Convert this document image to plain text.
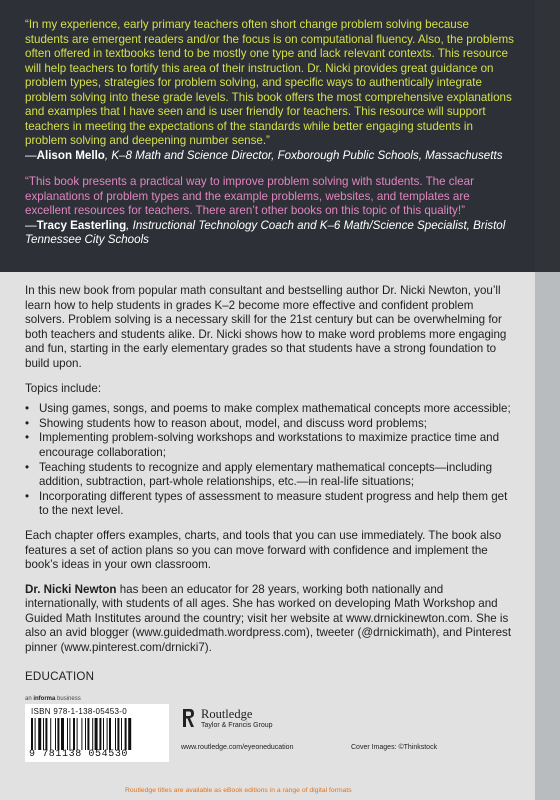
“In my experience, early primary teachers often short change problem solving because students are emergent readers and/or the focus is on computational fluency. Also, the problems often offered in textbooks tend to be mostly one type and lack relevant contexts. This resource will help teachers to fortify this area of their instruction. Dr. Nicki provides great guidance on problem types, strategies for problem solving, and specific ways to authentically integrate problem solving into these grade levels. This book offers the most comprehensive explanations and examples that I have seen and is user friendly for teachers. This resource will support teachers in meeting the expectations of the standards while better engaging students in problem solving and deepening number sense.”

—Alison Mello, K–8 Math and Science Director, Foxborough Public Schools, Massachusetts

“This book presents a practical way to improve problem solving with students. The clear explanations of problem types and the example problems, websites, and templates are excellent resources for teachers. There aren’t other books on this topic of this quality!”

—Tracy Easterling, Instructional Technology Coach and K–6 Math/Science Specialist, Bristol Tennessee City Schools

In this new book from popular math consultant and bestselling author Dr. Nicki Newton, you’ll learn how to help students in grades K–2 become more effective and confident problem solvers. Problem solving is a necessary skill for the 21st century but can be overwhelming for both teachers and students alike. Dr. Nicki shows how to make word problems more engaging and fun, starting in the early elementary grades so that students have a strong foundation to build upon.

Topics include:

• Using games, songs, and poems to make complex mathematical concepts more accessible;
• Showing students how to reason about, model, and discuss word problems;
• Implementing problem-solving workshops and workstations to maximize practice time and encourage collaboration;
• Teaching students to recognize and apply elementary mathematical concepts—including addition, subtraction, part-whole relationships, etc.—in real-life situations;
• Incorporating different types of assessment to measure student progress and help them get to the next level.

Each chapter offers examples, charts, and tools that you can use immediately. The book also features a set of action plans so you can move forward with confidence and implement the book’s ideas in your own classroom.

Dr. Nicki Newton has been an educator for 28 years, working both nationally and internationally, with students of all ages. She has worked on developing Math Workshop and Guided Math Institutes around the country; visit her website at www.drnickinewton.com. She is also an avid blogger (www.guidedmath.wordpress.com), tweeter (@drnickimath), and Pinterest pinner (www.pinterest.com/drnicki7).

EDUCATION

an informa business
ISBN 978-1-138-05453-0
9 781138 054530
Routledge
Taylor & Francis Group
www.routledge.com/eyeoneducation	Cover Images: ©Thinkstock
Routledge titles are available as eBook editions in a range of digital formats
